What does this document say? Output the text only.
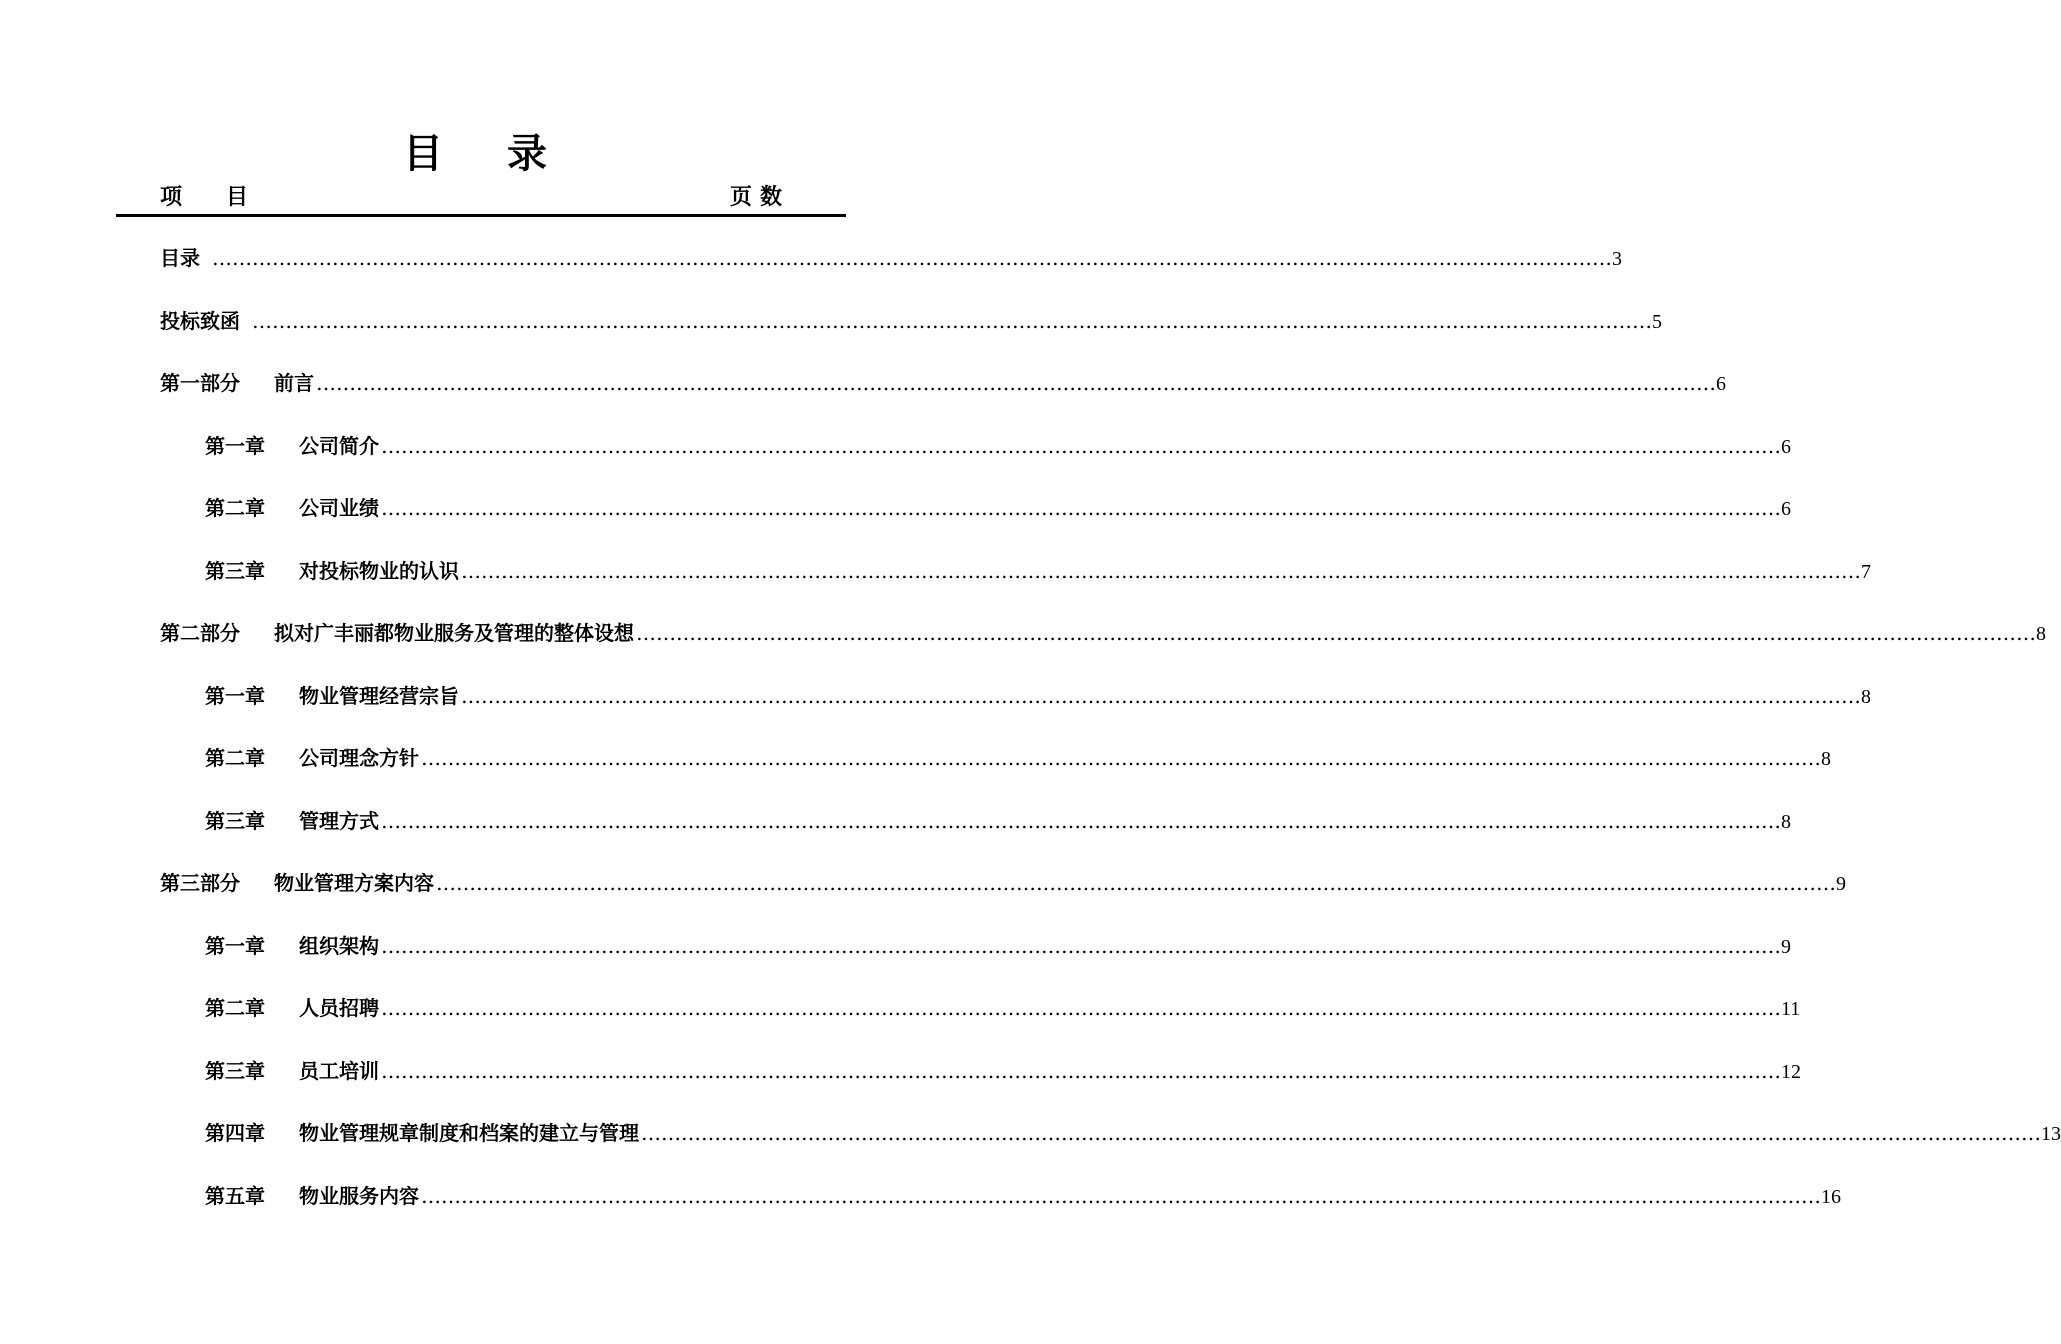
目 录
项 目	页 数
目录 ………………………………………………………………………………………………………………………………………………………………………………………… 3
投标致函 ………………………………………………………………………………………………………………………………………………………………………………………… 5
第一部分 前言 ………………………………………………………………………………………………………………………………………………………………………………………… 6
第一章 公司简介 ………………………………………………………………………………………………………………………………………………………………………………………… 6
第二章 公司业绩 ………………………………………………………………………………………………………………………………………………………………………………………… 6
第三章 对投标物业的认识 ………………………………………………………………………………………………………………………………………………………………………………………… 7
第二部分 拟对广丰丽都物业服务及管理的整体设想 ………………………………………………………………………………………………………………………………………………………………………………………… 8
第一章 物业管理经营宗旨 ………………………………………………………………………………………………………………………………………………………………………………………… 8
第二章 公司理念方针 ………………………………………………………………………………………………………………………………………………………………………………………… 8
第三章 管理方式 ………………………………………………………………………………………………………………………………………………………………………………………… 8
第三部分 物业管理方案内容 ………………………………………………………………………………………………………………………………………………………………………………………… 9
第一章 组织架构 ………………………………………………………………………………………………………………………………………………………………………………………… 9
第二章 人员招聘 ………………………………………………………………………………………………………………………………………………………………………………………… 11
第三章 员工培训 ………………………………………………………………………………………………………………………………………………………………………………………… 12
第四章 物业管理规章制度和档案的建立与管理 ………………………………………………………………………………………………………………………………………………………………………………………… 13
第五章 物业服务内容 ………………………………………………………………………………………………………………………………………………………………………………………… 16
